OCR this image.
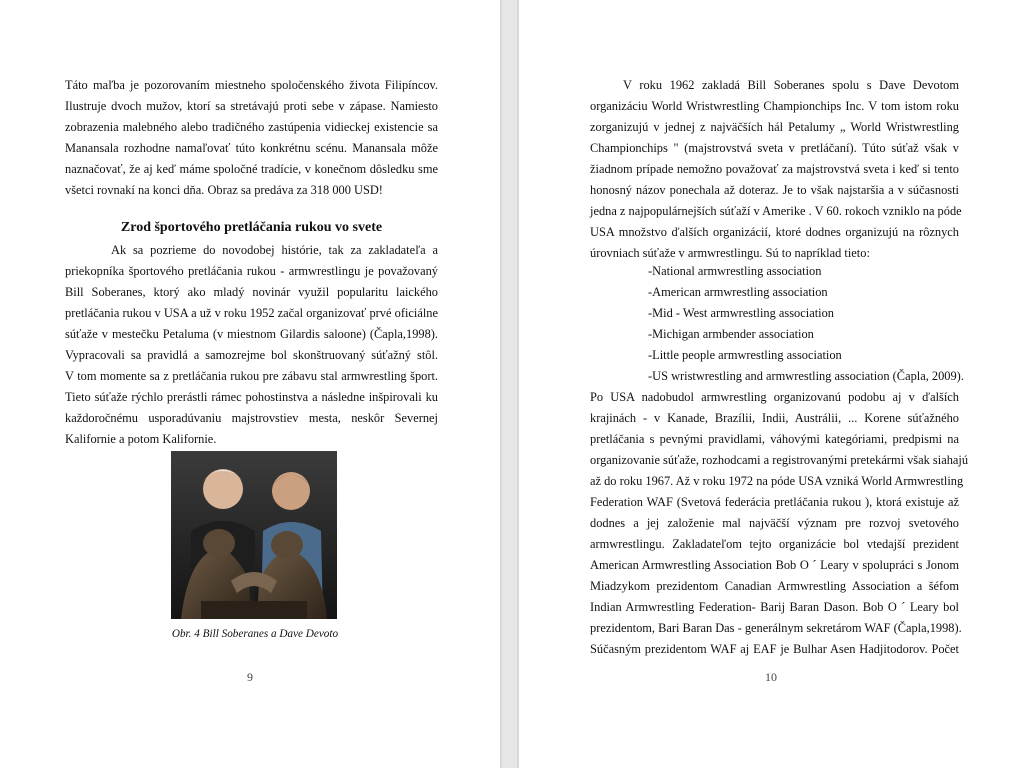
Táto maľba je pozorovaním miestneho spoločenského života Filipíncov.
Ilustruje dvoch mužov, ktorí sa stretávajú proti sebe v zápase. Namiesto
zobrazenia malebného alebo tradičného zastúpenia vidieckej existencie sa
Manansala rozhodne namaľovať túto konkrétnu scénu. Manansala môže
naznačovať, že aj keď máme spoločné tradície, v konečnom dôsledku sme
všetci rovnakí na konci dňa. Obraz sa predáva za 318 000 USD!
Zrod športového pretláčania rukou vo svete
Ak sa pozrieme do novodobej histórie, tak za zakladateľa a
priekopníka športového pretláčania rukou - armwrestlingu je považovaný
Bill Soberanes, ktorý ako mladý novinár využil popularitu laického
pretláčania rukou v USA a už v roku 1952 začal organizovať prvé oficiálne
súťaže v mestečku Petaluma (v miestnom Gilardis saloone) (Čapla,1998).
Vypracovali sa pravidlá a samozrejme bol skonštruovaný súťažný stôl.
V tom momente sa z pretláčania rukou pre zábavu stal armwrestling šport.
Tieto súťaže rýchlo prerástli rámec pohostinstva a následne inšpirovali ku
každoročnému usporadúvaniu majstrovstiev mesta, neskôr Severnej
Kalifornie a potom Kalifornie.
Obr. 4 Bill Soberanes a Dave Devoto
9
V roku 1962 zakladá Bill Soberanes spolu s Dave Devotom
organizáciu World Wristwrestling Championchips Inc. V tom istom roku
zorganizujú v jednej z najväčších hál Petalumy „ World Wristwrestling
Championchips " (majstrovstvá sveta v pretláčaní). Túto súťaž však v
žiadnom prípade nemožno považovať za majstrovstvá sveta i keď si tento
honosný názov ponechala až doteraz. Je to však najstaršia a v súčasnosti
jedna z najpopulárnejších súťaží v Amerike . V 60. rokoch vzniklo na póde
USA množstvo ďalších organizácií, ktoré dodnes organizujú na rôznych
úrovniach súťaže v armwrestlingu. Sú to napríklad tieto:
-National armwrestling association
-American armwrestling association
-Mid - West armwrestling association
-Michigan armbender association
-Little people armwrestling association
-US wristwrestling and armwrestling association (Čapla, 2009).
Po USA nadobudol armwrestling organizovanú podobu aj v ďalších
krajinách - v Kanade, Brazílii, Indii, Austrálii, ... Korene súťažného
pretláčania s pevnými pravidlami, váhovými kategóriami, predpismi na
organizovanie súťaže, rozhodcami a registrovanými pretekármi však siahajú
až do roku 1967. Až v roku 1972 na póde USA vzniká World Armwrestling
Federation WAF (Svetová federácia pretláčania rukou ), ktorá existuje až
dodnes a jej založenie mal najväčší význam pre rozvoj svetového
armwrestlingu. Zakladateľom tejto organizácie bol vtedajší prezident
American Armwrestling Association Bob O ´ Leary v spolupráci s Jonom
Miadzykom prezidentom Canadian Armwrestling Association a šéfom
Indian Armwrestling Federation- Barij Baran Dason. Bob O ´ Leary bol
prezidentom, Bari Baran Das - generálnym sekretárom WAF (Čapla,1998).
Súčasným prezidentom WAF aj EAF je Bulhar Asen Hadjitodorov. Počet
10
